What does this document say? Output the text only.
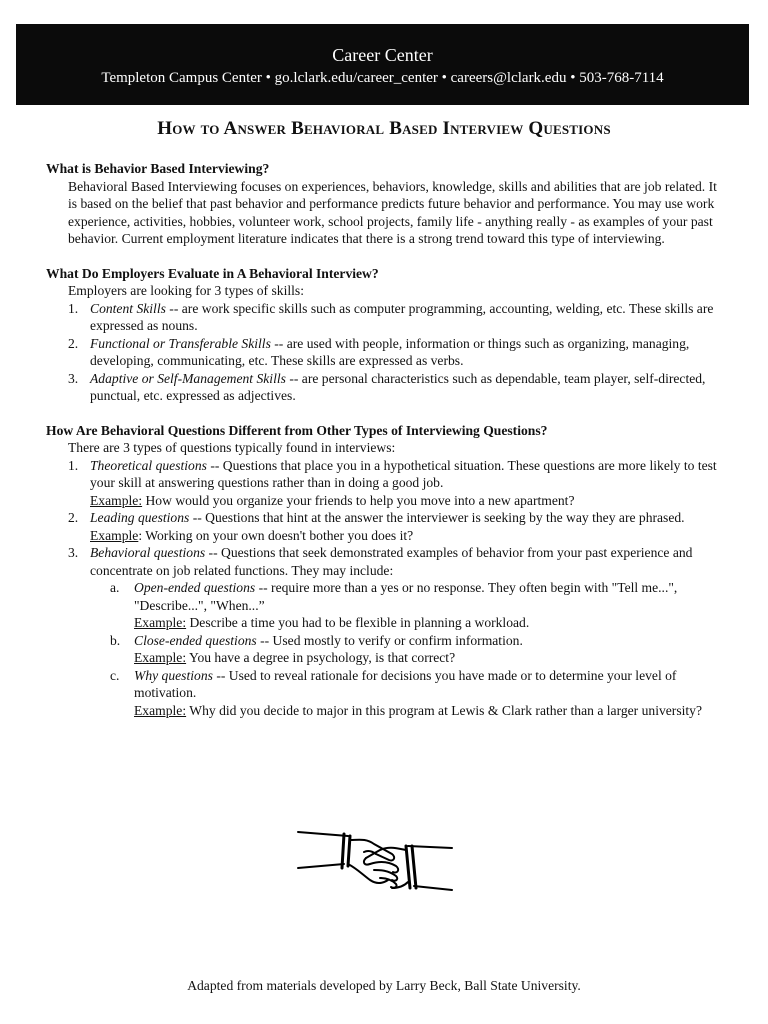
Career Center
Templeton Campus Center • go.lclark.edu/career_center • careers@lclark.edu • 503-768-7114
How to Answer Behavioral Based Interview Questions
What is Behavior Based Interviewing?
Behavioral Based Interviewing focuses on experiences, behaviors, knowledge, skills and abilities that are job related. It is based on the belief that past behavior and performance predicts future behavior and performance. You may use work experience, activities, hobbies, volunteer work, school projects, family life - anything really - as examples of your past behavior. Current employment literature indicates that there is a strong trend toward this type of interviewing.
What Do Employers Evaluate in A Behavioral Interview?
Employers are looking for 3 types of skills:
1. Content Skills -- are work specific skills such as computer programming, accounting, welding, etc. These skills are expressed as nouns.
2. Functional or Transferable Skills -- are used with people, information or things such as organizing, managing, developing, communicating, etc. These skills are expressed as verbs.
3. Adaptive or Self-Management Skills -- are personal characteristics such as dependable, team player, self-directed, punctual, etc. expressed as adjectives.
How Are Behavioral Questions Different from Other Types of Interviewing Questions?
There are 3 types of questions typically found in interviews:
1. Theoretical questions -- Questions that place you in a hypothetical situation. These questions are more likely to test your skill at answering questions rather than in doing a good job.
Example: How would you organize your friends to help you move into a new apartment?
2. Leading questions -- Questions that hint at the answer the interviewer is seeking by the way they are phrased.
Example: Working on your own doesn't bother you does it?
3. Behavioral questions -- Questions that seek demonstrated examples of behavior from your past experience and concentrate on job related functions. They may include:
a. Open-ended questions -- require more than a yes or no response. They often begin with "Tell me...", "Describe...", "When...”
Example: Describe a time you had to be flexible in planning a workload.
b. Close-ended questions -- Used mostly to verify or confirm information.
Example: You have a degree in psychology, is that correct?
c. Why questions -- Used to reveal rationale for decisions you have made or to determine your level of motivation.
Example: Why did you decide to major in this program at Lewis & Clark rather than a larger university?
Adapted from materials developed by Larry Beck, Ball State University.
